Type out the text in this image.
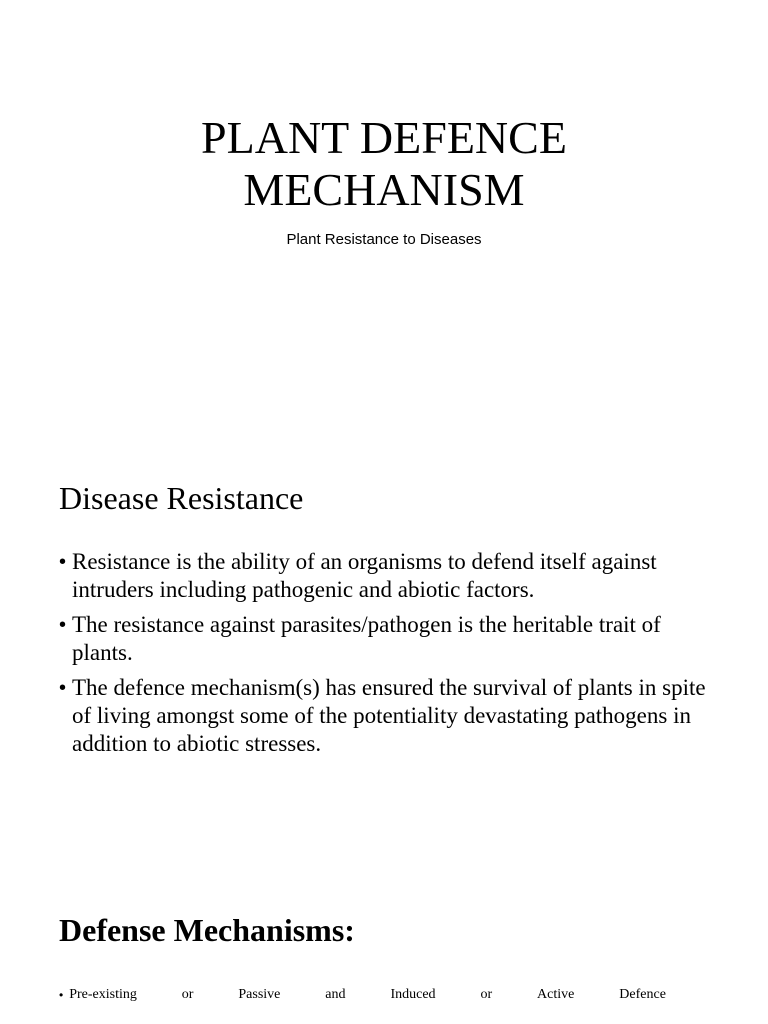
PLANT DEFENCE
MECHANISM
Plant Resistance to Diseases
Disease Resistance
• Resistance is the ability of an organisms to defend itself against intruders including pathogenic and abiotic factors.
• The resistance against parasites/pathogen is the heritable trait of plants.
• The defence mechanism(s) has ensured the survival of plants in spite of living amongst some of the potentiality devastating pathogens in addition to abiotic stresses.
Defense Mechanisms:
• Pre-existing	or	Passive	and	Induced	or	Active	Defence
